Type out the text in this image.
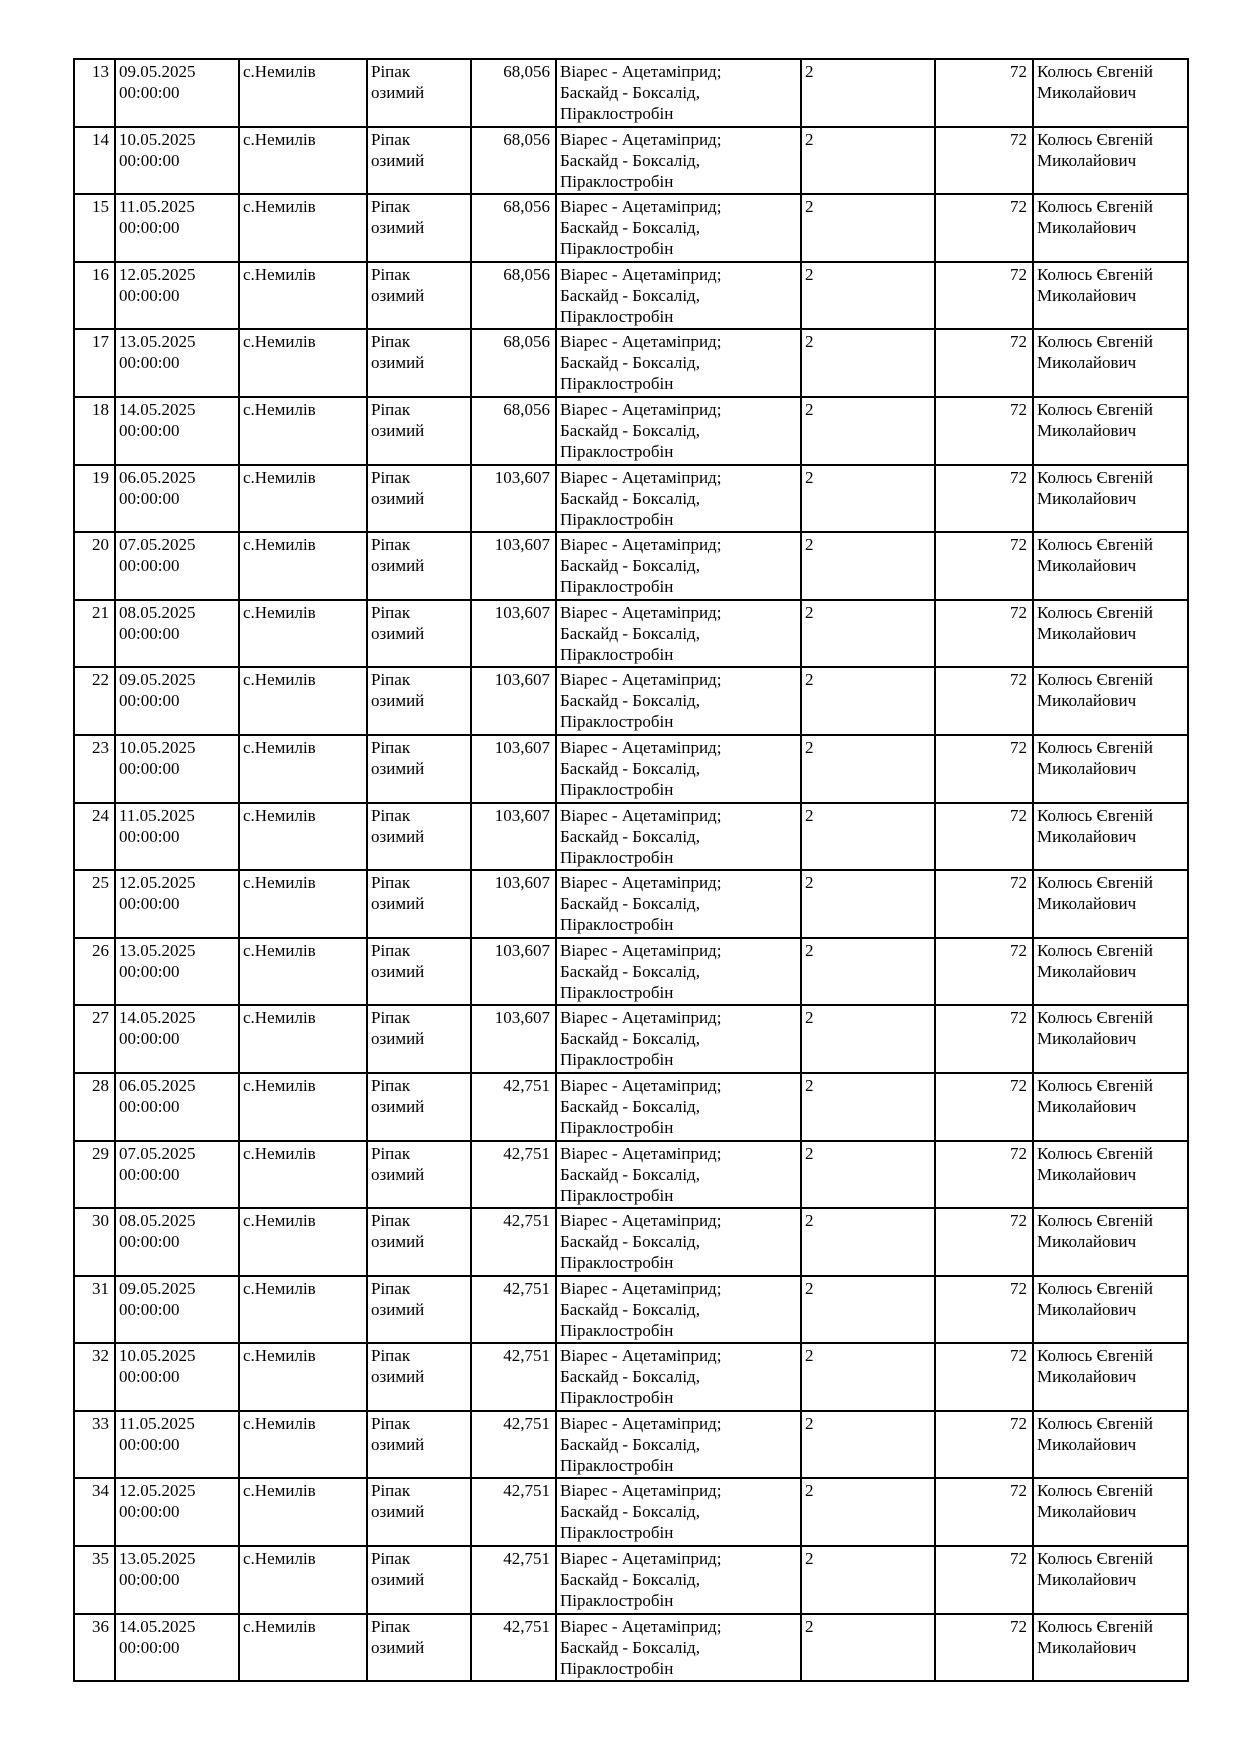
13	09.05.2025 00:00:00	с.Немилів	Ріпак озимий	68,056	Віарес - Ацетаміприд;
Баскайд - Боксалід,
Піраклостробін	2	72	Колюсь Євгеній Миколайович
14	10.05.2025 00:00:00	с.Немилів	Ріпак озимий	68,056	Віарес - Ацетаміприд;
Баскайд - Боксалід,
Піраклостробін	2	72	Колюсь Євгеній Миколайович
15	11.05.2025 00:00:00	с.Немилів	Ріпак озимий	68,056	Віарес - Ацетаміприд;
Баскайд - Боксалід,
Піраклостробін	2	72	Колюсь Євгеній Миколайович
16	12.05.2025 00:00:00	с.Немилів	Ріпак озимий	68,056	Віарес - Ацетаміприд;
Баскайд - Боксалід,
Піраклостробін	2	72	Колюсь Євгеній Миколайович
17	13.05.2025 00:00:00	с.Немилів	Ріпак озимий	68,056	Віарес - Ацетаміприд;
Баскайд - Боксалід,
Піраклостробін	2	72	Колюсь Євгеній Миколайович
18	14.05.2025 00:00:00	с.Немилів	Ріпак озимий	68,056	Віарес - Ацетаміприд;
Баскайд - Боксалід,
Піраклостробін	2	72	Колюсь Євгеній Миколайович
19	06.05.2025 00:00:00	с.Немилів	Ріпак озимий	103,607	Віарес - Ацетаміприд;
Баскайд - Боксалід,
Піраклостробін	2	72	Колюсь Євгеній Миколайович
20	07.05.2025 00:00:00	с.Немилів	Ріпак озимий	103,607	Віарес - Ацетаміприд;
Баскайд - Боксалід,
Піраклостробін	2	72	Колюсь Євгеній Миколайович
21	08.05.2025 00:00:00	с.Немилів	Ріпак озимий	103,607	Віарес - Ацетаміприд;
Баскайд - Боксалід,
Піраклостробін	2	72	Колюсь Євгеній Миколайович
22	09.05.2025 00:00:00	с.Немилів	Ріпак озимий	103,607	Віарес - Ацетаміприд;
Баскайд - Боксалід,
Піраклостробін	2	72	Колюсь Євгеній Миколайович
23	10.05.2025 00:00:00	с.Немилів	Ріпак озимий	103,607	Віарес - Ацетаміприд;
Баскайд - Боксалід,
Піраклостробін	2	72	Колюсь Євгеній Миколайович
24	11.05.2025 00:00:00	с.Немилів	Ріпак озимий	103,607	Віарес - Ацетаміприд;
Баскайд - Боксалід,
Піраклостробін	2	72	Колюсь Євгеній Миколайович
25	12.05.2025 00:00:00	с.Немилів	Ріпак озимий	103,607	Віарес - Ацетаміприд;
Баскайд - Боксалід,
Піраклостробін	2	72	Колюсь Євгеній Миколайович
26	13.05.2025 00:00:00	с.Немилів	Ріпак озимий	103,607	Віарес - Ацетаміприд;
Баскайд - Боксалід,
Піраклостробін	2	72	Колюсь Євгеній Миколайович
27	14.05.2025 00:00:00	с.Немилів	Ріпак озимий	103,607	Віарес - Ацетаміприд;
Баскайд - Боксалід,
Піраклостробін	2	72	Колюсь Євгеній Миколайович
28	06.05.2025 00:00:00	с.Немилів	Ріпак озимий	42,751	Віарес - Ацетаміприд;
Баскайд - Боксалід,
Піраклостробін	2	72	Колюсь Євгеній Миколайович
29	07.05.2025 00:00:00	с.Немилів	Ріпак озимий	42,751	Віарес - Ацетаміприд;
Баскайд - Боксалід,
Піраклостробін	2	72	Колюсь Євгеній Миколайович
30	08.05.2025 00:00:00	с.Немилів	Ріпак озимий	42,751	Віарес - Ацетаміприд;
Баскайд - Боксалід,
Піраклостробін	2	72	Колюсь Євгеній Миколайович
31	09.05.2025 00:00:00	с.Немилів	Ріпак озимий	42,751	Віарес - Ацетаміприд;
Баскайд - Боксалід,
Піраклостробін	2	72	Колюсь Євгеній Миколайович
32	10.05.2025 00:00:00	с.Немилів	Ріпак озимий	42,751	Віарес - Ацетаміприд;
Баскайд - Боксалід,
Піраклостробін	2	72	Колюсь Євгеній Миколайович
33	11.05.2025 00:00:00	с.Немилів	Ріпак озимий	42,751	Віарес - Ацетаміприд;
Баскайд - Боксалід,
Піраклостробін	2	72	Колюсь Євгеній Миколайович
34	12.05.2025 00:00:00	с.Немилів	Ріпак озимий	42,751	Віарес - Ацетаміприд;
Баскайд - Боксалід,
Піраклостробін	2	72	Колюсь Євгеній Миколайович
35	13.05.2025 00:00:00	с.Немилів	Ріпак озимий	42,751	Віарес - Ацетаміприд;
Баскайд - Боксалід,
Піраклостробін	2	72	Колюсь Євгеній Миколайович
36	14.05.2025 00:00:00	с.Немилів	Ріпак озимий	42,751	Віарес - Ацетаміприд;
Баскайд - Боксалід,
Піраклостробін	2	72	Колюсь Євгеній Миколайович
